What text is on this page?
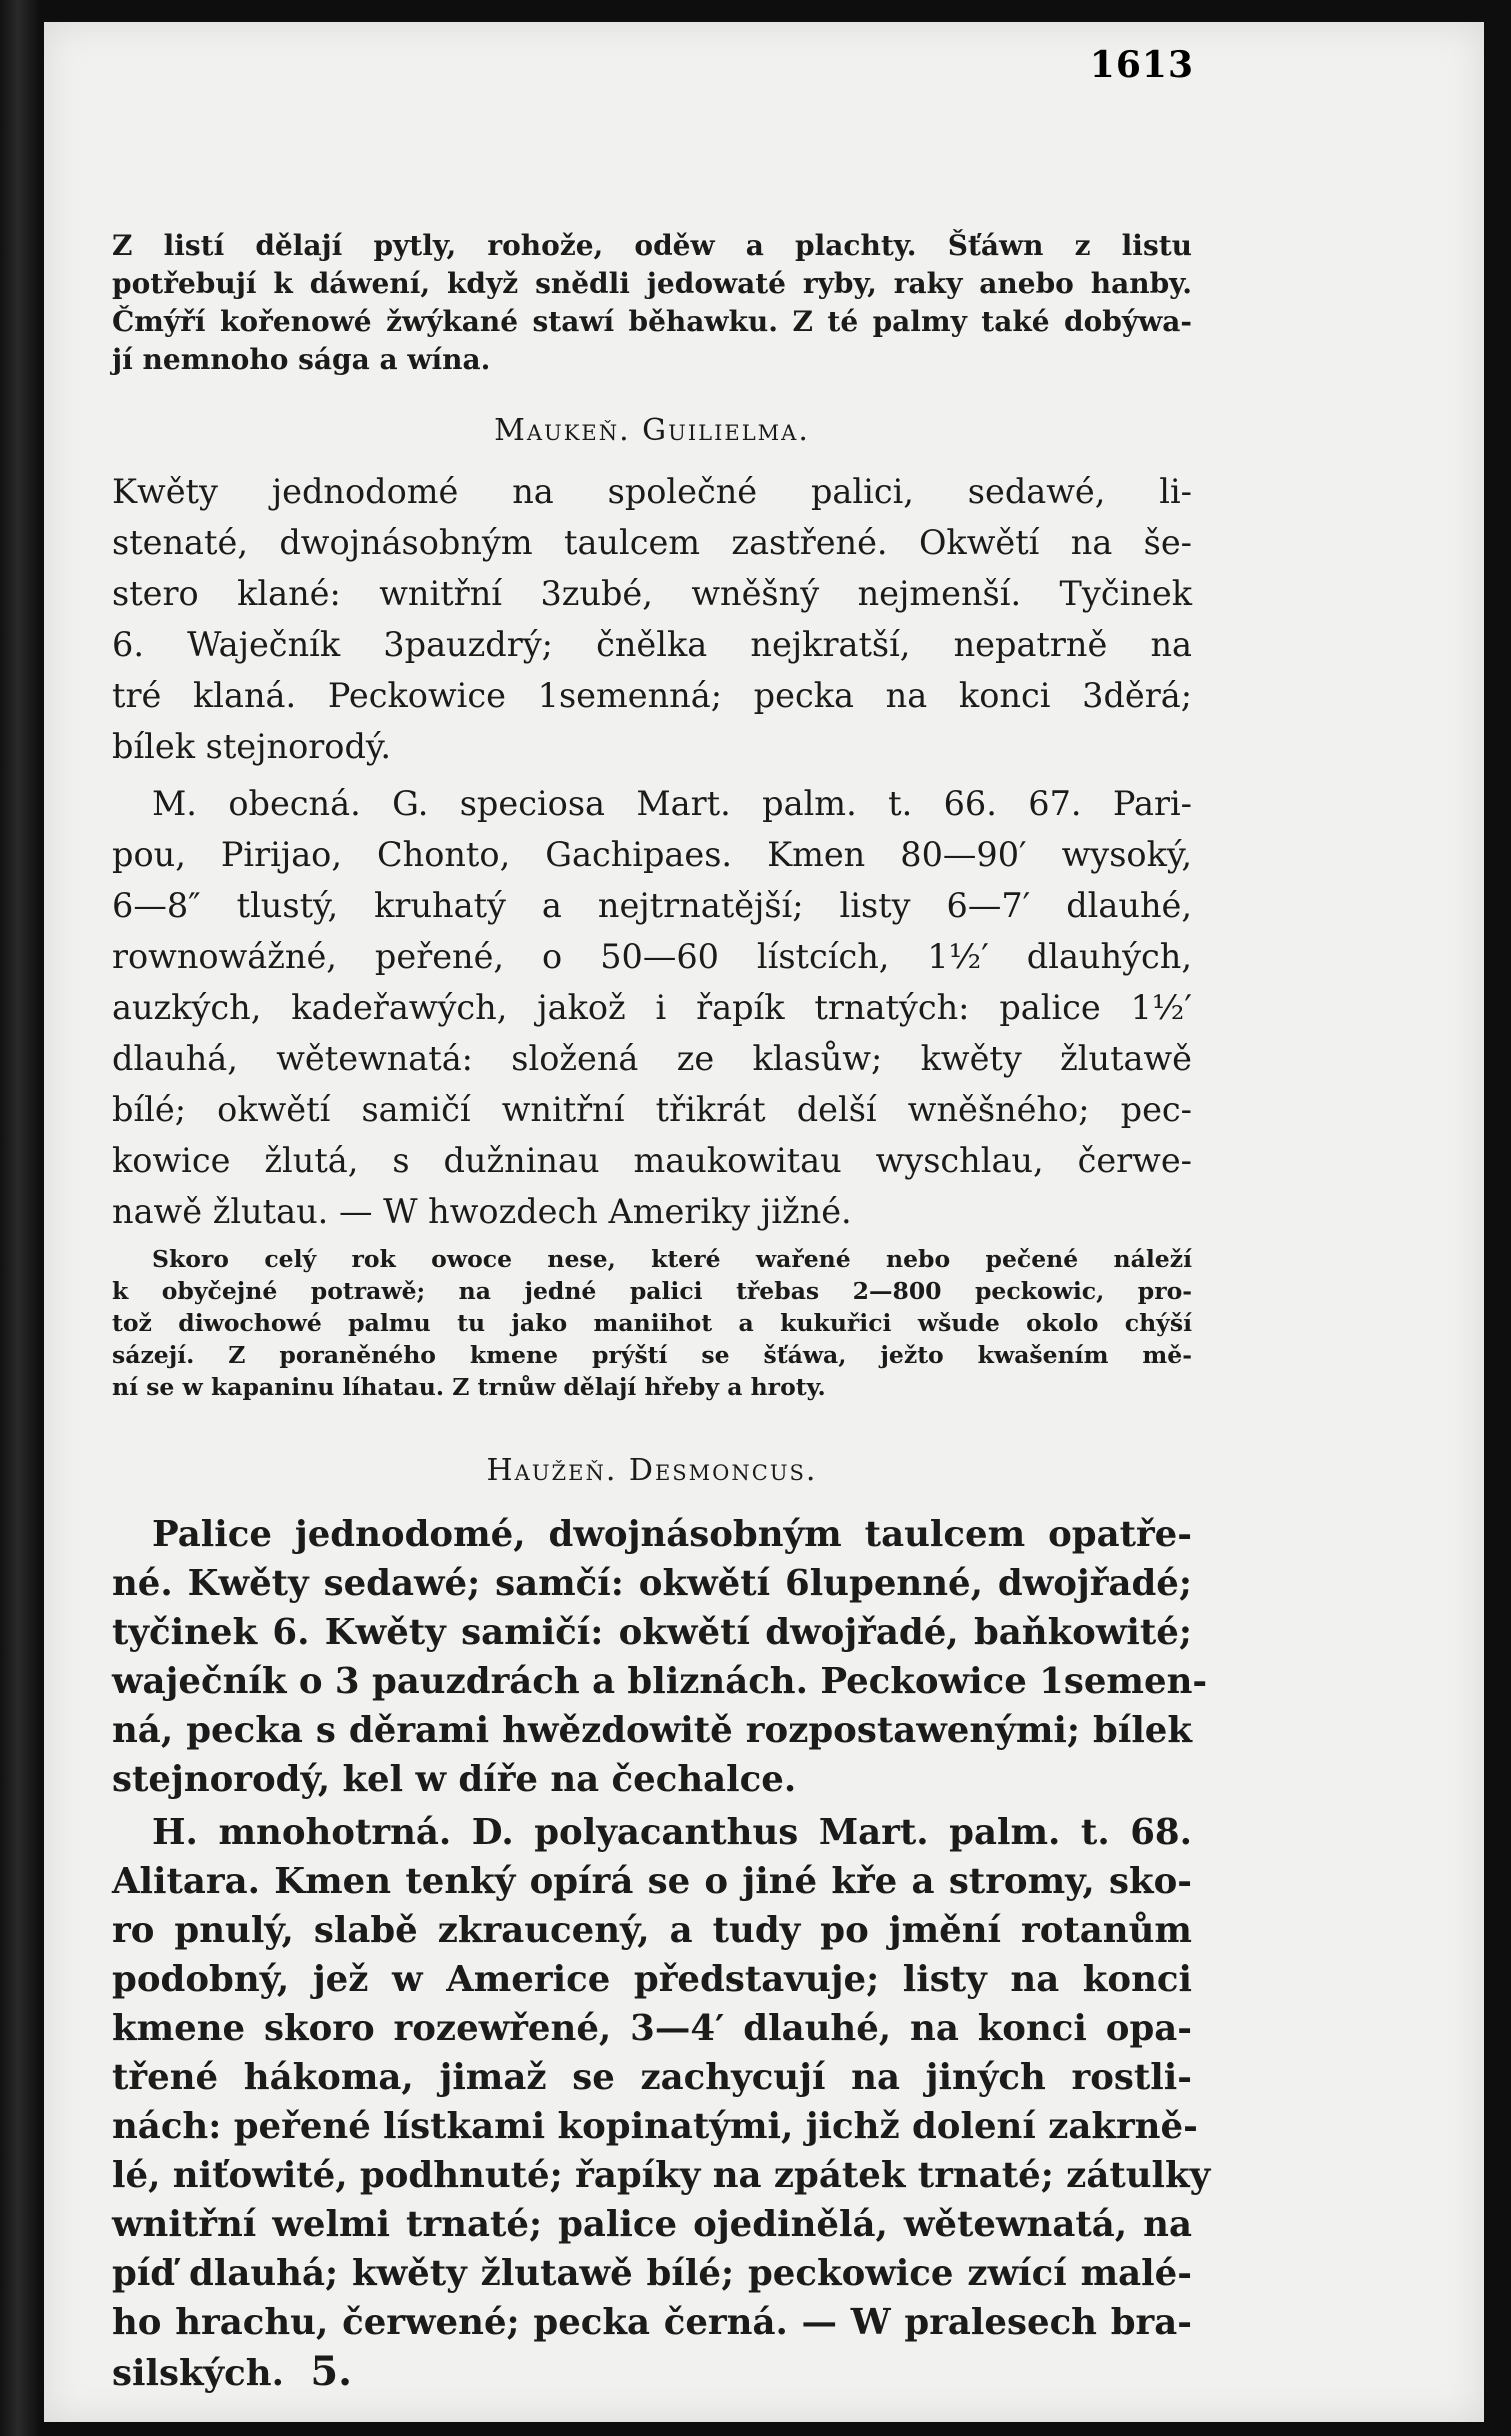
1613

Z listí dělají pytly, rohože, oděw a plachty. Šťáwn z listu

potřebují k dáwení, když snědli jedowaté ryby, raky anebo hanby.

Čmýří kořenowé žwýkané stawí běhawku. Z té palmy také dobýwa-

jí nemnoho sága a wína.

Maukeň. Guilielma.

Kwěty jednodomé na společné palici, sedawé, li-

stenaté, dwojnásobným taulcem zastřené. Okwětí na še-

stero klané: wnitřní 3zubé, wněšný nejmenší. Tyčinek

6. Waječník 3pauzdrý; čnělka nejkratší, nepatrně na

tré klaná. Peckowice 1semenná; pecka na konci 3děrá;

bílek stejnorodý.

M. obecná. G. speciosa Mart. palm. t. 66. 67. Pari-

pou, Pirijao, Chonto, Gachipaes. Kmen 80—90′ wysoký,

6—8″ tlustý, kruhatý a nejtrnatější; listy 6—7′ dlauhé,

rownowážné, peřené, o 50—60 lístcích, 1½′ dlauhých,

auzkých, kadeřawých, jakož i řapík trnatých: palice 1½′

dlauhá, wětewnatá: složená ze klasůw; kwěty žlutawě

bílé; okwětí samičí wnitřní třikrát delší wněšného; pec-

kowice žlutá, s dužninau maukowitau wyschlau, čerwe-

nawě žlutau. — W hwozdech Ameriky jižné.

Skoro celý rok owoce nese, které wařené nebo pečené náleží

k obyčejné potrawě; na jedné palici třebas 2—800 peckowic, pro-

tož diwochowé palmu tu jako maniihot a kukuřici wšude okolo chýší

sázejí. Z poraněného kmene prýští se šťáwa, ježto kwašením mě-

ní se w kapaninu líhatau. Z trnůw dělají hřeby a hroty.

Haužeň. Desmoncus.

Palice jednodomé, dwojnásobným taulcem opatře-

né. Kwěty sedawé; samčí: okwětí 6lupenné, dwojřadé;

tyčinek 6. Kwěty samičí: okwětí dwojřadé, baňkowité;

waječník o 3 pauzdrách a bliznách. Peckowice 1semen-

ná, pecka s děrami hwězdowitě rozpostawenými; bílek

stejnorodý, kel w díře na čechalce.

H. mnohotrná. D. polyacanthus Mart. palm. t. 68.

Alitara. Kmen tenký opírá se o jiné kře a stromy, sko-

ro pnulý, slabě zkraucený, a tudy po jmění rotanům

podobný, jež w Americe představuje; listy na konci

kmene skoro rozewřené, 3—4′ dlauhé, na konci opa-

třené hákoma, jimaž se zachycují na jiných rostli-

nách: peřené lístkami kopinatými, jichž dolení zakrně-

lé, niťowité, podhnuté; řapíky na zpátek trnaté; zátulky

wnitřní welmi trnaté; palice ojedinělá, wětewnatá, na

píď dlauhá; kwěty žlutawě bílé; peckowice zwící malé-

ho hrachu, čerwené; pecka černá. — W pralesech bra-

silských. 5.
